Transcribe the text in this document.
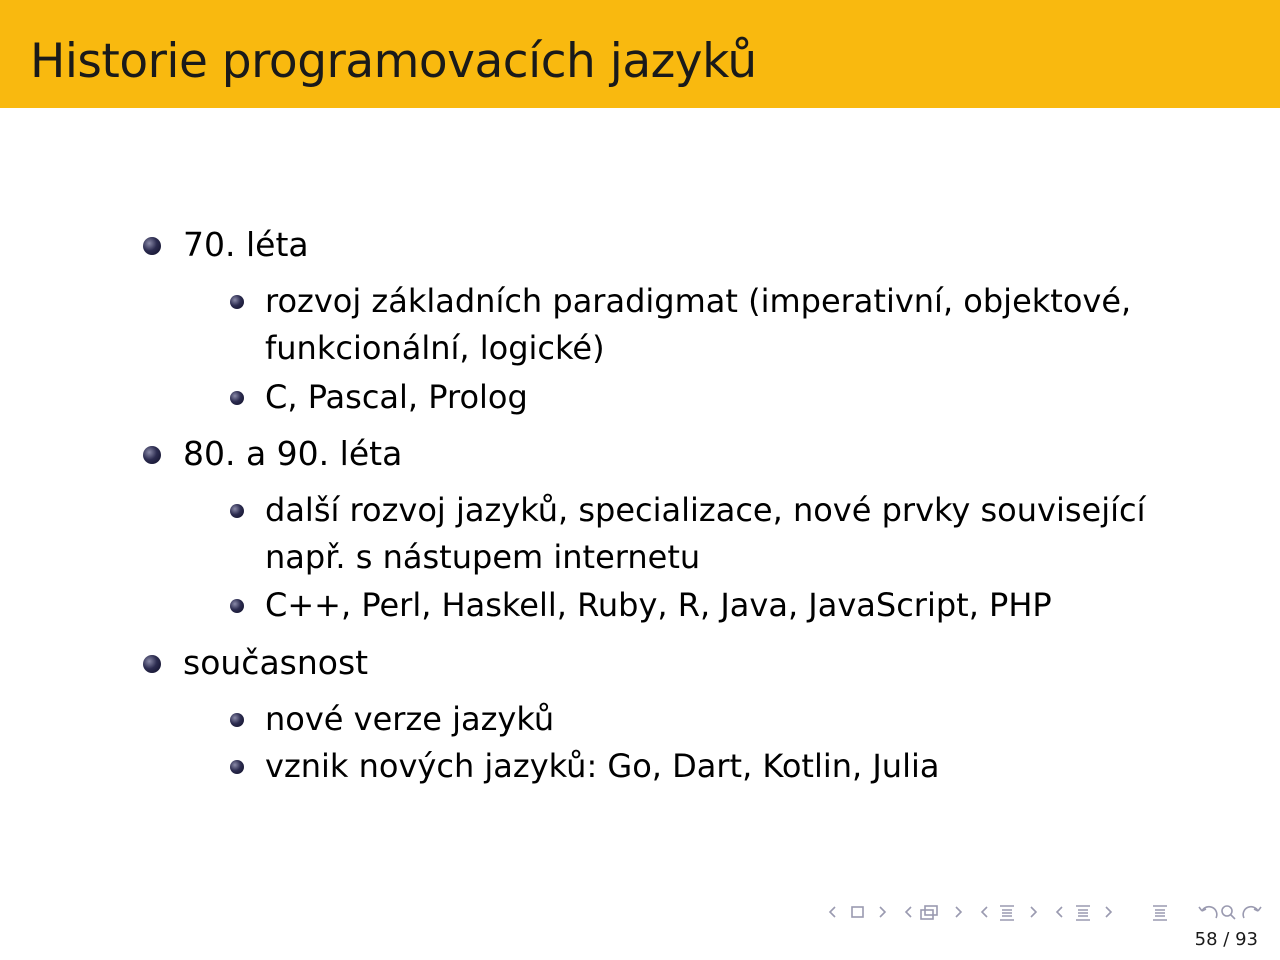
Historie programovacích jazyků
70. léta
rozvoj základních paradigmat (imperativní, objektové,
funkcionální, logické)
C, Pascal, Prolog
80. a 90. léta
další rozvoj jazyků, specializace, nové prvky související
např. s nástupem internetu
C++, Perl, Haskell, Ruby, R, Java, JavaScript, PHP
současnost
nové verze jazyků
vznik nových jazyků: Go, Dart, Kotlin, Julia
58 / 93
